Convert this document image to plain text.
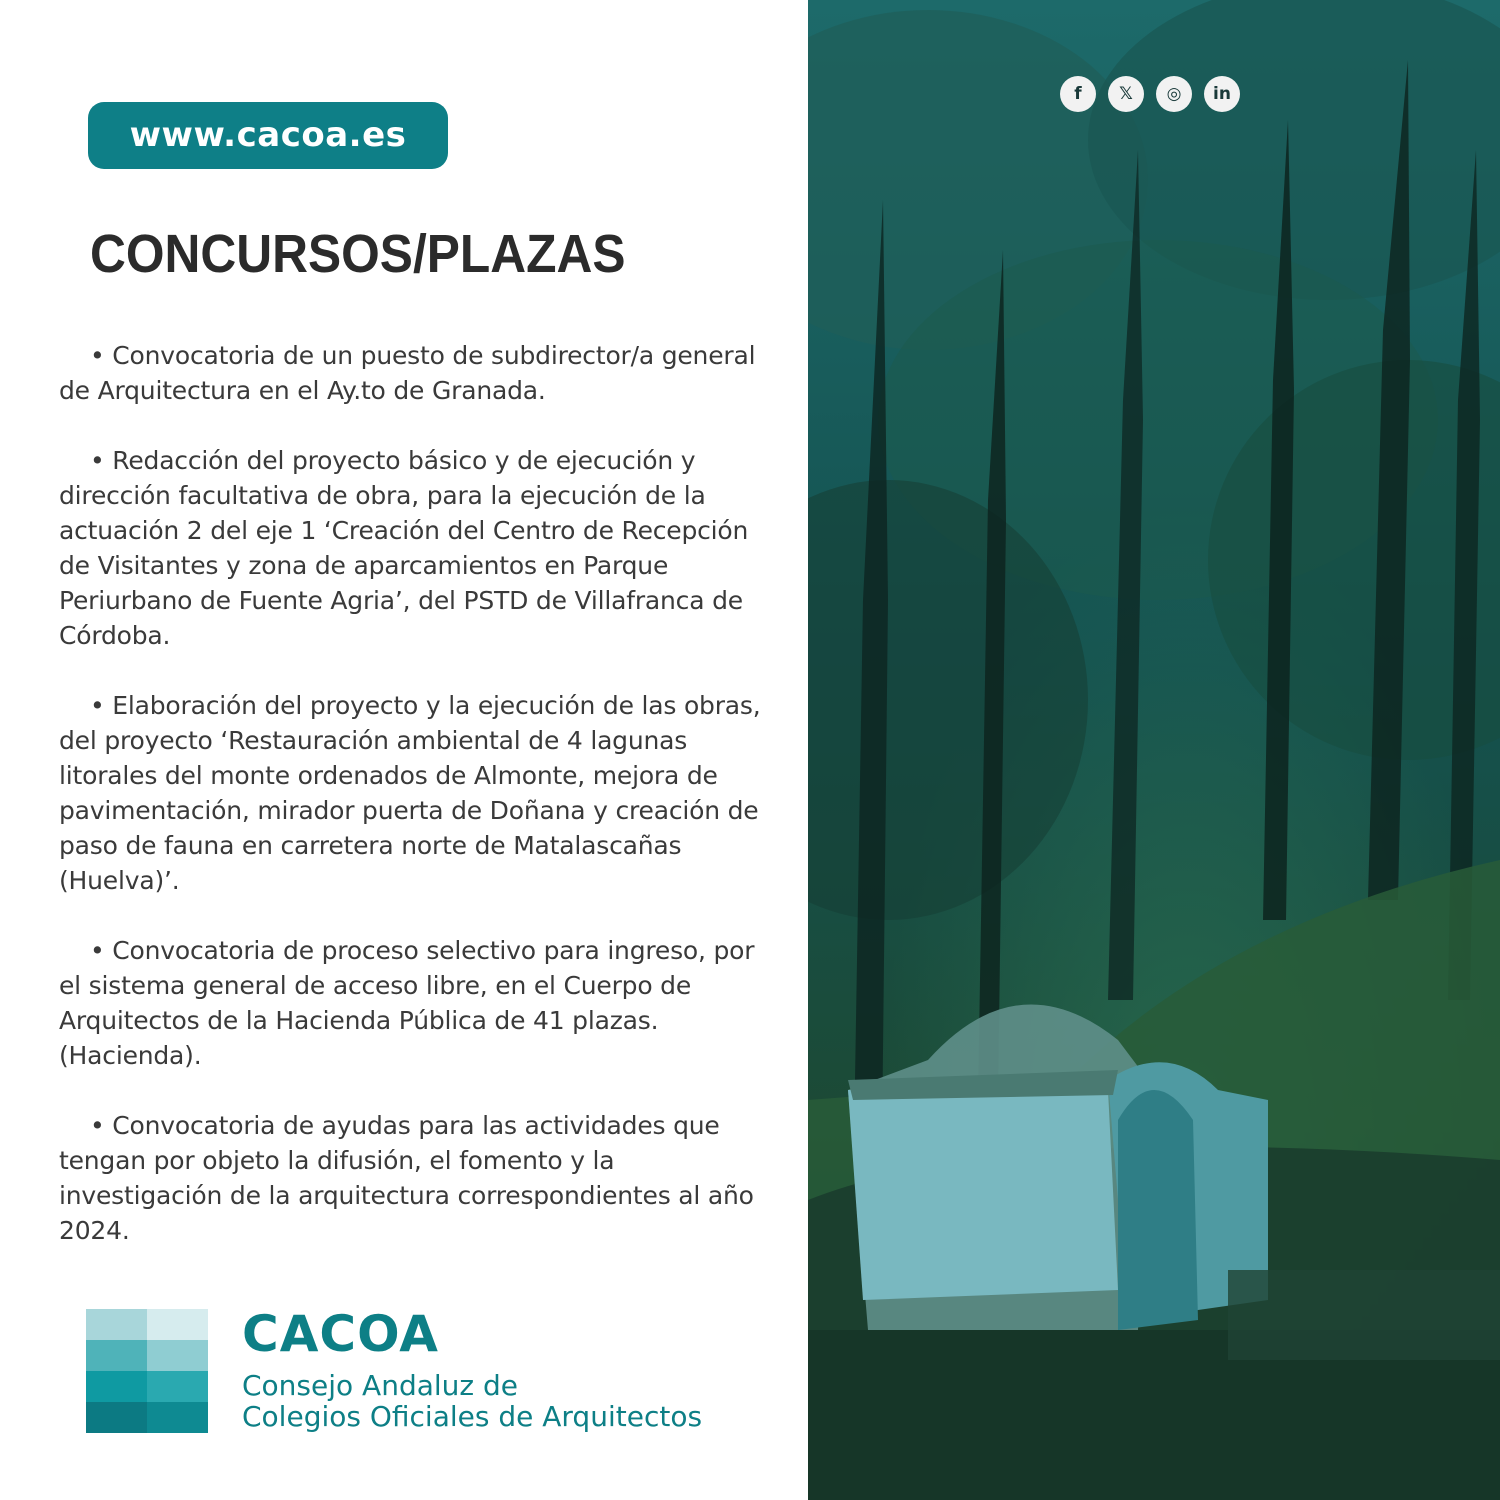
www.cacoa.es
CONCURSOS/PLAZAS

• Convocatoria de un puesto de subdirector/a general de Arquitectura en el Ay.to de Granada.

• Redacción del proyecto básico y de ejecución y dirección facultativa de obra, para la ejecución de la actuación 2 del eje 1 ‘Creación del Centro de Recepción de Visitantes y zona de aparcamientos en Parque Periurbano de Fuente Agria’, del PSTD de Villafranca de Córdoba.

• Elaboración del proyecto y la ejecución de las obras, del proyecto ‘Restauración ambiental de 4 lagunas litorales del monte ordenados de Almonte, mejora de pavimentación, mirador puerta de Doñana y creación de paso de fauna en carretera norte de Matalascañas (Huelva)’.

• Convocatoria de proceso selectivo para ingreso, por el sistema general de acceso libre, en el Cuerpo de Arquitectos de la Hacienda Pública de 41 plazas. (Hacienda).

• Convocatoria de ayudas para las actividades que tengan por objeto la difusión, el fomento y la investigación de la arquitectura correspondientes al año 2024.

CACOA
Consejo Andaluz de
Colegios Oficiales de Arquitectos
f	𝕏	◎	in
